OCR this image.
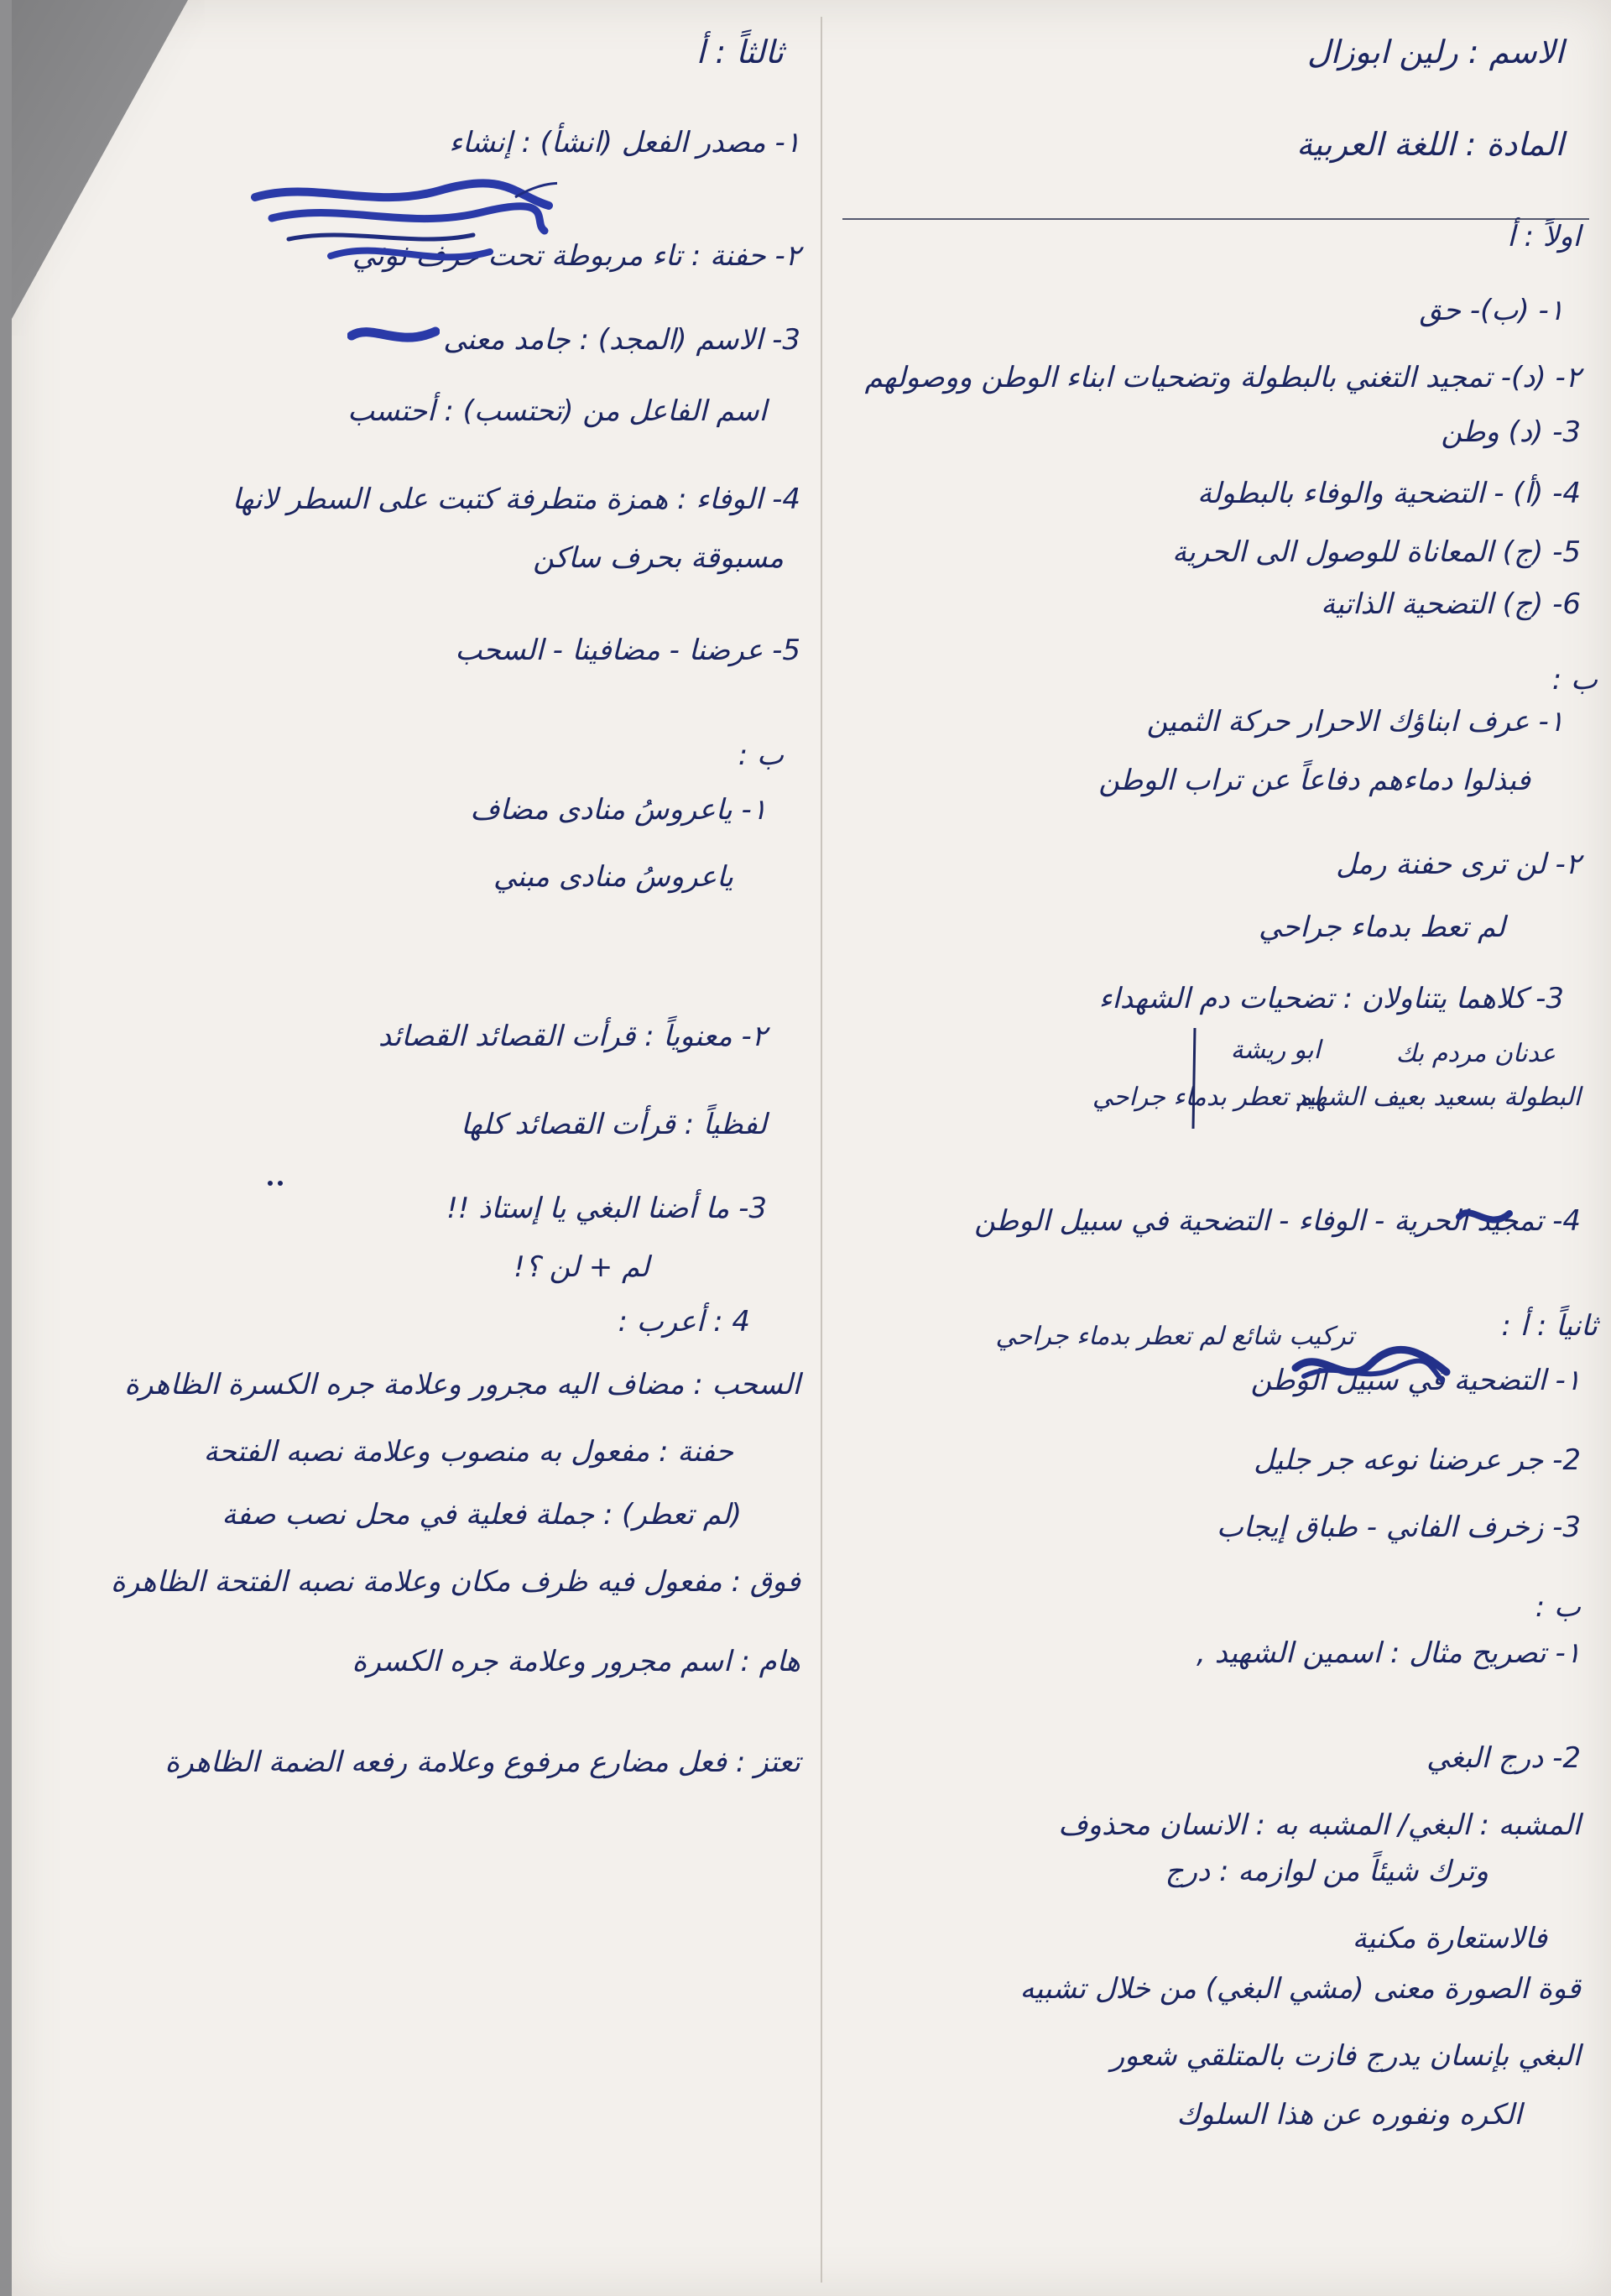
الاسم : رلين ابوزال
المادة : اللغة العربية
اولاً : أ
١- (ب)- حق
٢- (د)- تمجيد التغني بالبطولة وتضحيات ابناء الوطن ووصولهم
3- (د) وطن
4- (أ) - التضحية والوفاء بالبطولة
5- (ج) المعاناة للوصول الى الحرية
6- (ج) التضحية الذاتية
ب :
١- عرف ابناؤك الاحرار حركة الثمين
فبذلوا دماءهم دفاعاً عن تراب الوطن
٢- لن ترى حفنة رمل
لم تعط بدماء جراحي
3- كلاهما يتناولان : تضحيات دم الشهداء
عدنان مردم بك
ابو ريشة
البطولة بسعيد بعيف الشهيد
لم تعطر بدماء جراحي
4- تمجيد الحرية - الوفاء - التضحية في سبيل الوطن
ثانياً : أ :
١- التضحية في سبيل الوطن
تركيب شائع لم تعطر بدماء جراحي
2- جر عرضنا نوعه جر جليل
3- زخرف الفاني - طباق إيجاب
ب :
١- تصريح مثال : اسمين الشهيد ,
2- درج البغي
المشبه : البغي/ المشبه به : الانسان محذوف
وترك شيئاً من لوازمه : درج
فالاستعارة مكنية
قوة الصورة معنى (مشي البغي) من خلال تشبيه
البغي بإنسان يدرج فازت بالمتلقي شعور
الكره ونفوره عن هذا السلوك
ثالثاً : أ
١- مصدر الفعل (انشأ) : إنشاء
٢- حفنة : تاء مربوطة تحت حرف ثوثي
3- الاسم (المجد) : جامد معنى
اسم الفاعل من (تحتسب) : أحتسب
4- الوفاء : همزة متطرفة كتبت على السطر لانها
مسبوقة بحرف ساكن
5- عرضنا - مضافينا - السحب
ب :
١- ياعروسُ منادى مضاف
ياعروسُ منادى مبني
٢- معنوياً : قرأت القصائد القصائد
لفظياً : قرأت القصائد كلها
3- ما أضنا البغي يا إستاذ !!
لم + لن ؟!
4 : أعرب :
السحب : مضاف اليه مجرور وعلامة جره الكسرة الظاهرة
حفنة : مفعول به منصوب وعلامة نصبه الفتحة
(لم تعطر) : جملة فعلية في محل نصب صفة
فوق : مفعول فيه ظرف مكان وعلامة نصبه الفتحة الظاهرة
هام : اسم مجرور وعلامة جره الكسرة
تعتز : فعل مضارع مرفوع وعلامة رفعه الضمة الظاهرة
